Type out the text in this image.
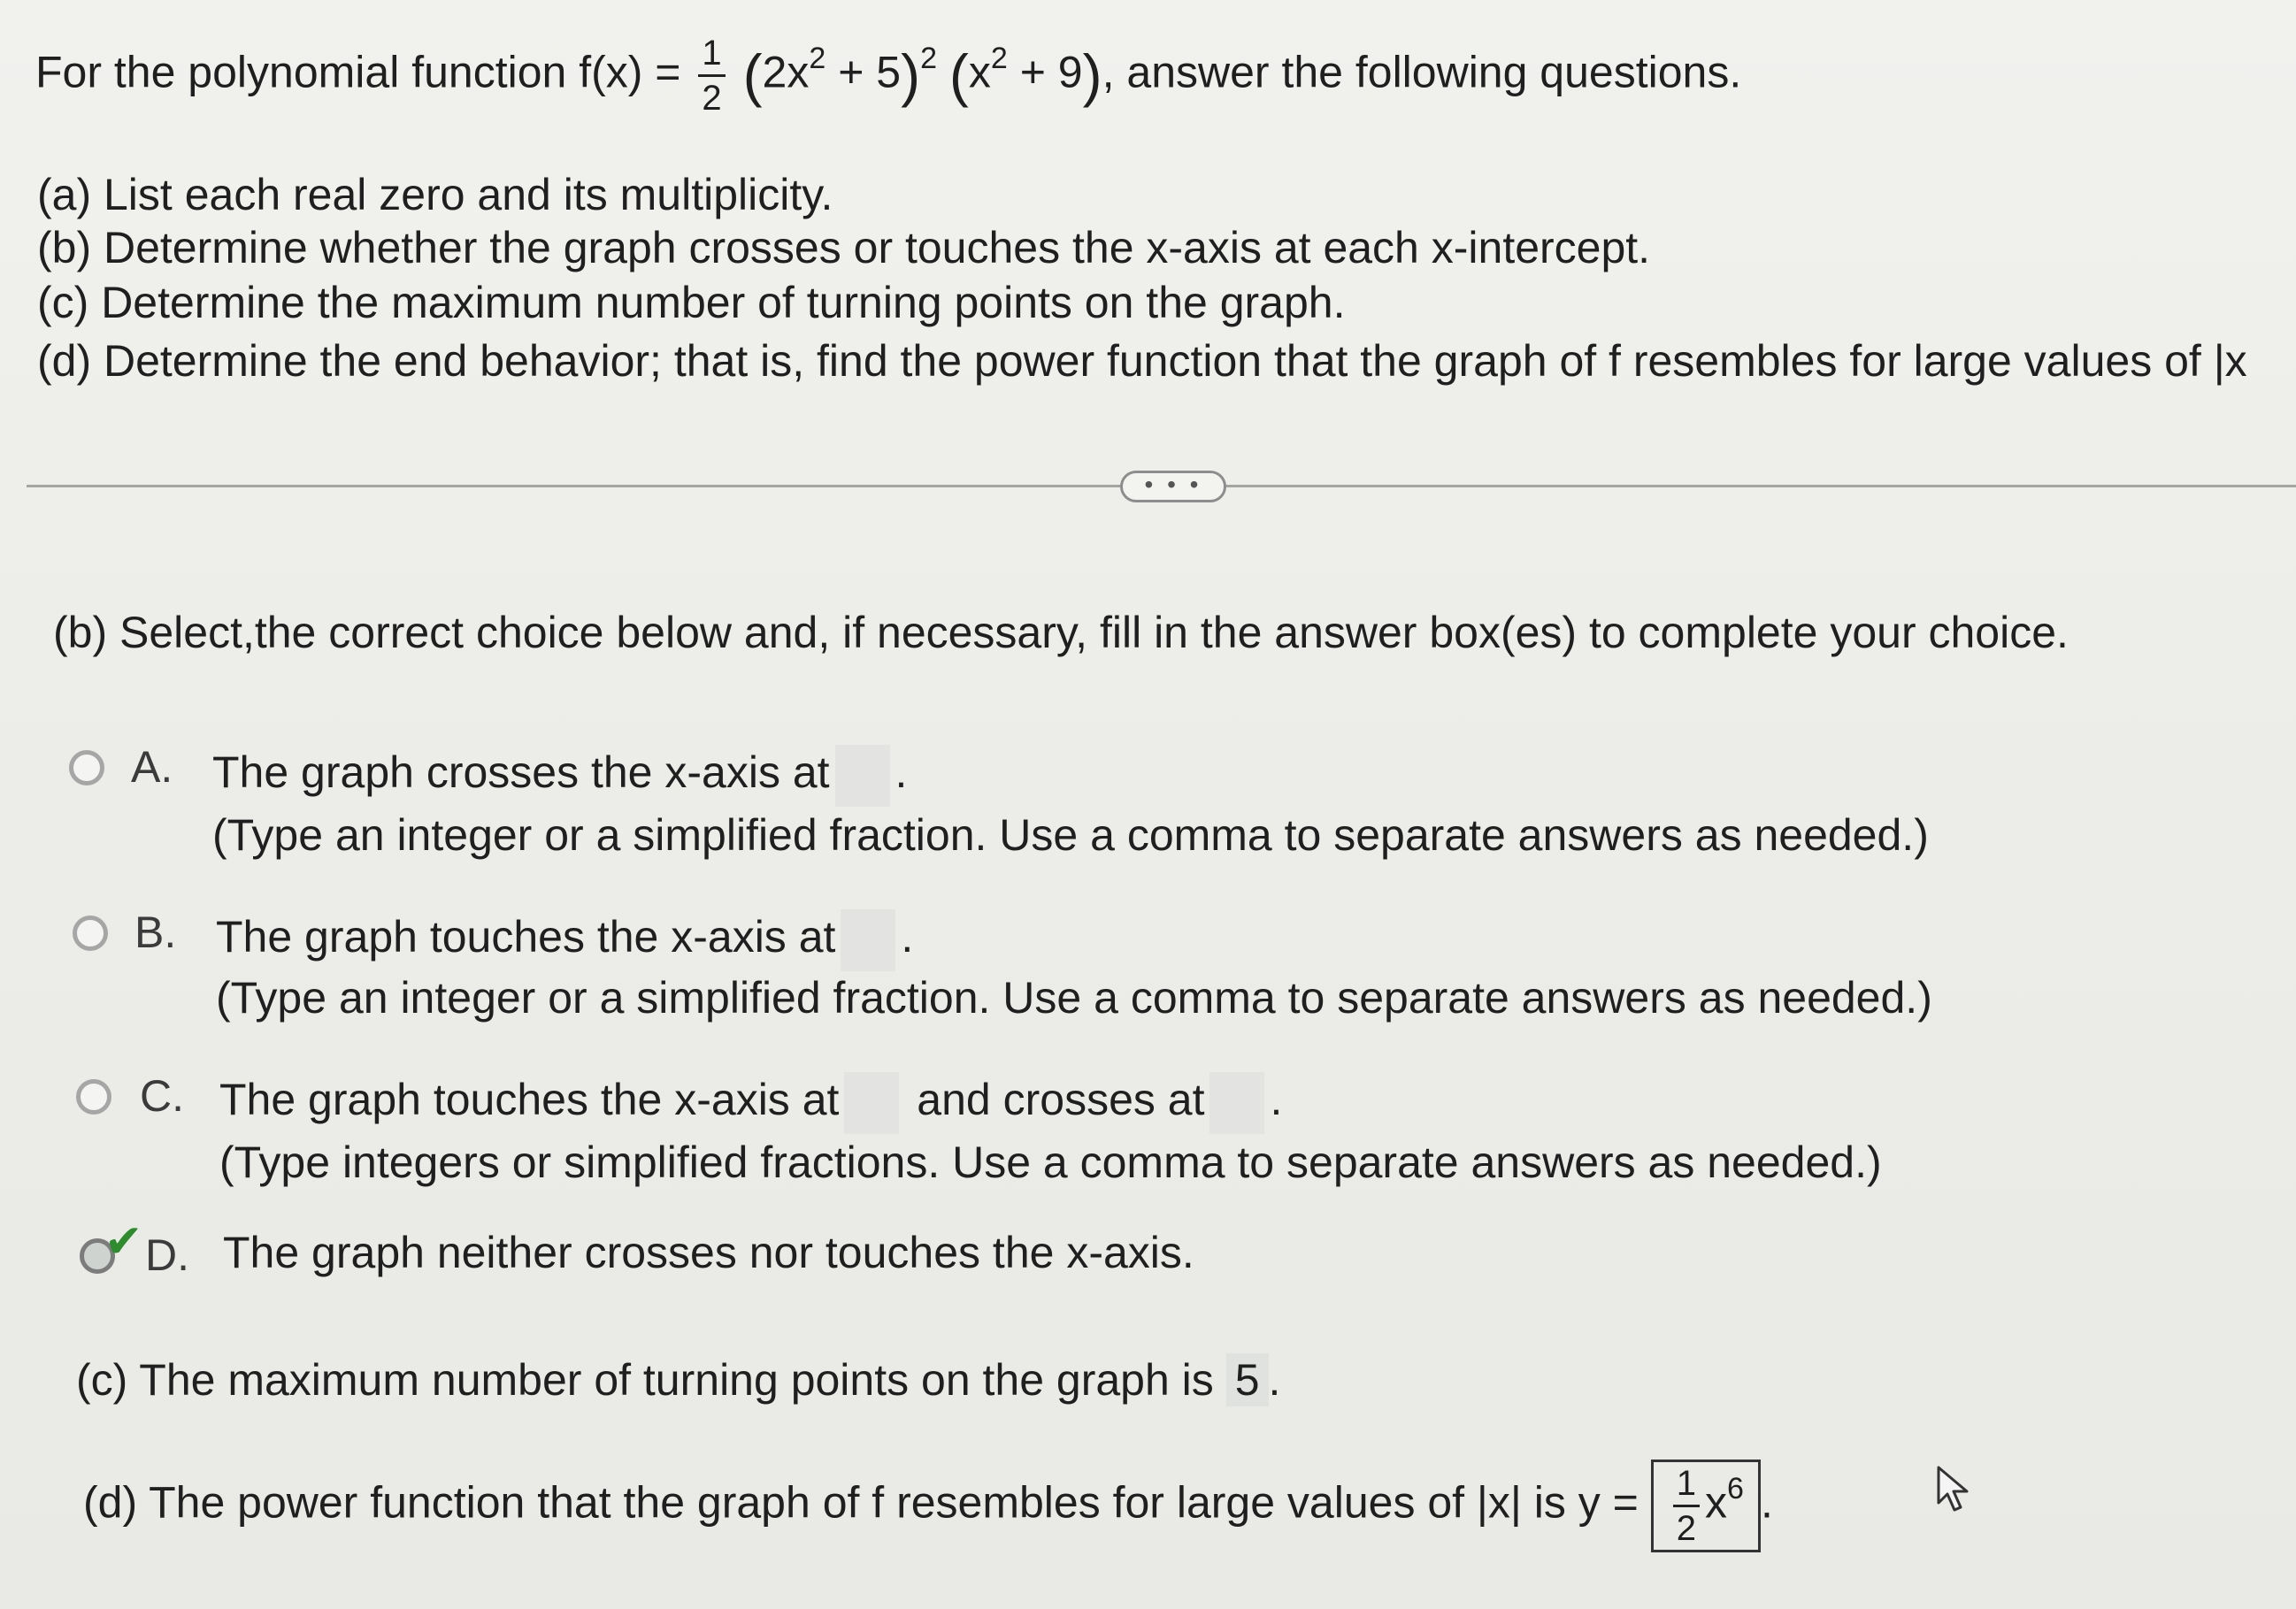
For the polynomial function $f(x) = \frac{1}{2} (2x^2 + 5)^2$ $(x^2 + 9)$, answer the following questions.
(a) List each real zero and its multiplicity.
(b) Determine whether the graph crosses or touches the x-axis at each x-intercept.
(c) Determine the maximum number of turning points on the graph.
(d) Determine the end behavior; that is, find the power function that the graph of f resembles for large values of |x
• • •
(b) Select,the correct choice below and, if necessary, fill in the answer box(es) to complete your choice.
A. The graph crosses the x-axis at .
(Type an integer or a simplified fraction. Use a comma to separate answers as needed.)
B. The graph touches the x-axis at .
(Type an integer or a simplified fraction. Use a comma to separate answers as needed.)
C. The graph touches the x-axis at and crosses at .
(Type integers or simplified fractions. Use a comma to separate answers as needed.)
✔ D. The graph neither crosses nor touches the x-axis.
(c) The maximum number of turning points on the graph is 5 .
(d) The power function that the graph of f resembles for large values of |x| is $y = \frac{1}{2} x^6$ .
